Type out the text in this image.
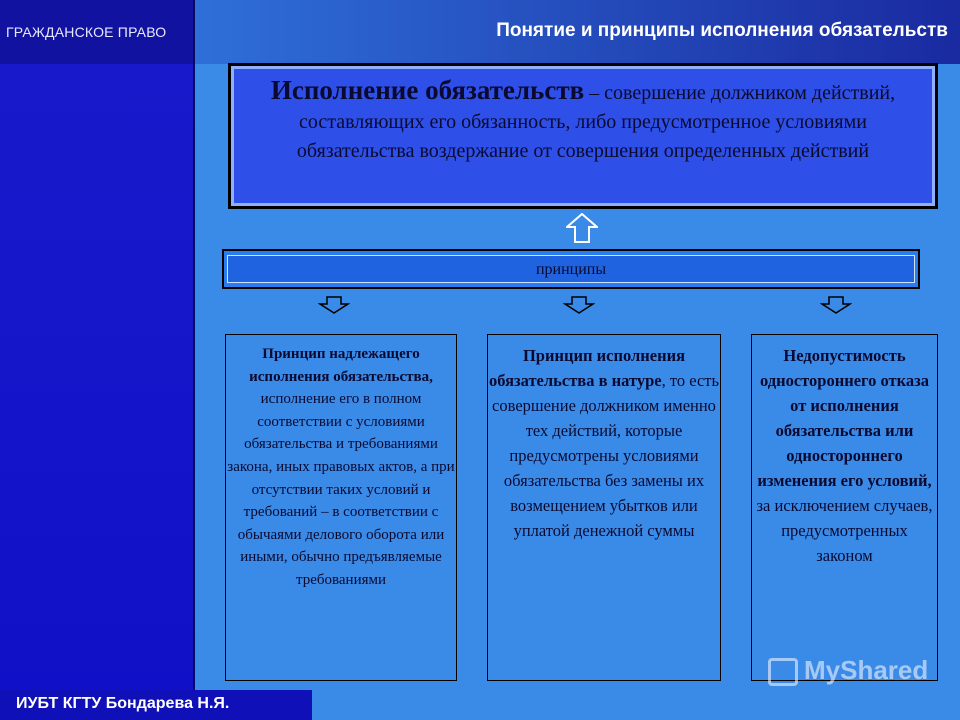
ГРАЖДАНСКОЕ ПРАВО	Понятие и принципы исполнения обязательств
Исполнение обязательств – совершение должником действий, составляющих его обязанность, либо предусмотренное условиями обязательства воздержание от совершения определенных действий
принципы
Принцип надлежащего исполнения обязательства, исполнение его в полном соответствии с условиями обязательства и требованиями закона, иных правовых актов, а при отсутствии таких условий и требований – в соответствии с обычаями делового оборота или иными, обычно предъявляемые требованиями
Принцип исполнения обязательства в натуре, то есть совершение должником именно тех действий, которые предусмотрены условиями обязательства без замены их возмещением убытков или уплатой денежной суммы
Недопустимость одностороннего отказа от исполнения обязательства или одностороннего изменения его условий, за исключением случаев, предусмотренных законом
ИУБТ КГТУ Бондарева Н.Я.
MyShared
